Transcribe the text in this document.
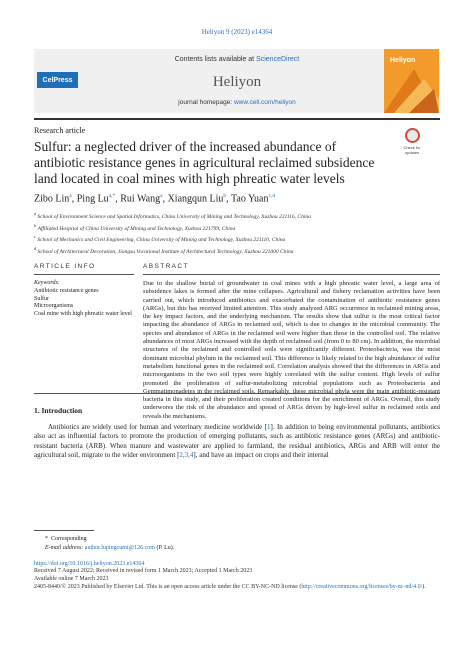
Heliyon 9 (2023) e14364
CelPress
Contents lists available at ScienceDirect
Heliyon
journal homepage: www.cell.com/heliyon
Heliyon
Research article
Check for updates
Sulfur: a neglected driver of the increased abundance of antibiotic resistance genes in agricultural reclaimed subsidence land located in coal mines with high phreatic water levels
Zibo Lin$^a$, Ping $Lu^{a,*}$, Rui Wang$^a$, Xiangqun Liu$^b$, Tao Yuan$^{c,d}$
$^a$ School of Environment Science and Spatial Informatics, China University of Mining and Technology, Xuzhou 221116, China
$^b$ Affiliated Hospital of China University of Mining and Technology, Xuzhou 221799, China
$^c$ School of Mechanics and Civil Engineering, China University of Mining and Technology, Xuzhou 221110, China
$^d$ School of Architectural Decoration, Jiangsu Vocational Institute of Architectural Technology, Xuzhou 221000 China
ARTICLE INFO	ABSTRACT
Keywords:
Antibiotic resistance genes
Sulfur
Microorganisms
Coal mine with high phreatic water level
Due to the shallow burial of groundwater in coal mines with a high phreatic water level, a large area of subsidence lakes is formed after the mine collapses. Agricultural and fishery reclamation activities have been carried out, which introduced antibiotics and exacerbated the contamination of antibiotic resistance genes (ARGs), but this has received limited attention. This study analyzed ARG occurrence in reclaimed mining areas, the key impact factors, and the underlying mechanism. The results show that sulfur is the most critical factor impacting the abundance of ARGs in reclaimed soil, which is due to changes in the microbial community. The species and abundance of ARGs in the reclaimed soil were higher than those in the controlled soil. The relative abundances of most ARGs increased with the depth of reclaimed soil (from 0 to 80 cm). In addition, the microbial structures of the reclaimed and controlled soils were significantly different. Proteobacteria, was the most dominant microbial phylum in the reclaimed soil. This difference is likely related to the high abundance of sulfur metabolism functional genes in the reclaimed soil. Correlation analysis showed that the differences in ARGs and microorganisms in the two soil types were highly correlated with the sulfur content. High levels of sulfur promoted the proliferation of sulfur-metabolizing microbial populations such as Proteobacteria and Gemmatimonadetes in the reclaimed soils. Remarkably, these microbial phyla were the main antibiotic-resistant bacteria in this study, and their proliferation created conditions for the enrichment of ARGs. Overall, this study underwores the risk of the abundance and spread of ARGs driven by high-level sulfur in reclaimed soils and reveals the mechanisms.
1. Introduction
Antibiotics are widely used for human and veterinary medicine worldwide [1]. In addition to being environmental pollutants, antibiotics also act as influential factors to promote the production of emerging pollutants, such as antibiotic resistance genes (ARGs) and antibiotic-resistant bacteria (ARB). When manure and wastewater are applied to farmland, the residual antibiotics, ARGs and ARB will enter the agricultural soil, migrate to the wider environment [2,3,4], and have an impact on crops and their internal
* Corresponding
E-mail address: author.lupingcumt@126.com (P. Lu).
https://doi.org/10.1016/j.heliyon.2023.e14364
Received 7 August 2022; Received in revised form 1 March 2023; Accepted 1 March 2023
Available online 7 March 2023
2405-8440/© 2023 Published by Elsevier Ltd. This is an open access article under the CC BY-NC-ND license (http://creativecommons.org/licenses/by-nc-nd/4.0/).
